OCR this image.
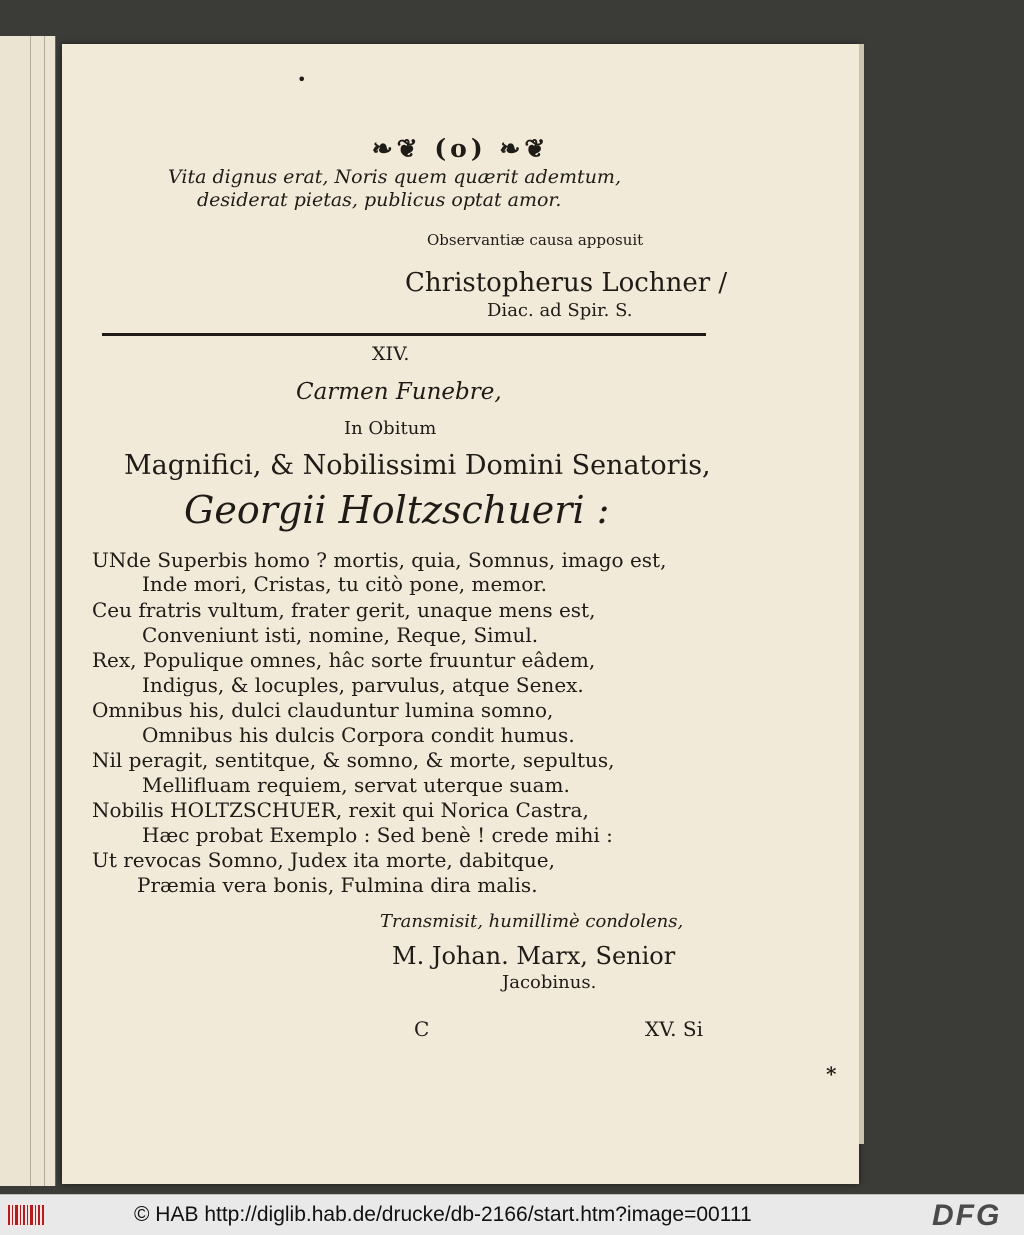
•
❧❦ (o) ❧❦
Vita dignus erat, Noris quem quærit ademtum,
desiderat pietas, publicus optat amor.
Observantiæ causa apposuit
Christopherus Lochner /
Diac. ad Spir. S.
XIV.
Carmen Funebre,
In Obitum
Magnifici, & Nobilissimi Domini Senatoris,
Georgii Holtzschueri :
UNde Superbis homo ? mortis, quia, Somnus, imago est,
Inde mori, Cristas, tu citò pone, memor.
Ceu fratris vultum, frater gerit, unaque mens est,
Conveniunt isti, nomine, Reque, Simul.
Rex, Populique omnes, hâc sorte fruuntur eâdem,
Indigus, & locuples, parvulus, atque Senex.
Omnibus his, dulci clauduntur lumina somno,
Omnibus his dulcis Corpora condit humus.
Nil peragit, sentitque, & somno, & morte, sepultus,
Mellifluam requiem, servat uterque suam.
Nobilis HOLTZSCHUER, rexit qui Norica Castra,
Hæc probat Exemplo : Sed benè ! crede mihi :
Ut revocas Somno, Judex ita morte, dabitque,
Præmia vera bonis, Fulmina dira malis.
Transmisit, humillimè condolens,
M. Johan. Marx, Senior
Jacobinus.
C	XV. Si
*
© HAB http://diglib.hab.de/drucke/db-2166/start.htm?image=00111	DFG
